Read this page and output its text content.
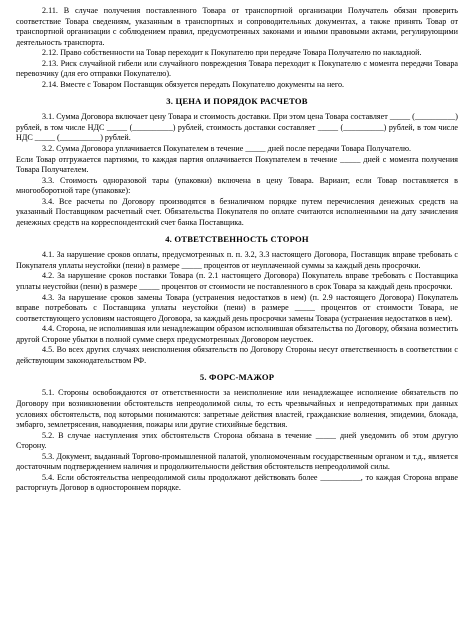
2.11. В случае получения поставленного Товара от транспортной организации Получатель обязан проверить соответствие Товара сведениям, указанным в транспортных и сопроводительных документах, а также принять Товар от транспортной организации с соблюдением правил, предусмотренных законами и иными правовыми актами, регулирующими деятельность транспорта.

2.12. Право собственности на Товар переходит к Покупателю при передаче Товара Получателю по накладной.

2.13. Риск случайной гибели или случайного повреждения Товара переходит к Покупателю с момента передачи Товара перевозчику (для его отправки Покупателю).

2.14. Вместе с Товаром Поставщик обязуется передать Покупателю документы на него.

3. ЦЕНА И ПОРЯДОК РАСЧЕТОВ

3.1. Сумма Договора включает цену Товара и стоимость доставки. При этом цена Товара составляет _____ (__________) рублей, в том числе НДС _____ (__________) рублей, стоимость доставки составляет _____ (__________) рублей, в том числе НДС _____ (__________) рублей.

3.2. Сумма Договора уплачивается Покупателем в течение _____ дней после передачи Товара Получателю.

Если Товар отгружается партиями, то каждая партия оплачивается Покупателем в течение _____ дней с момента получения Товара Получателем.

3.3. Стоимость одноразовой тары (упаковки) включена в цену Товара. Вариант, если Товар поставляется в многооборотной таре (упаковке):

3.4. Все расчеты по Договору производятся в безналичном порядке путем перечисления денежных средств на указанный Поставщиком расчетный счет. Обязательства Покупателя по оплате считаются исполненными на дату зачисления денежных средств на корреспондентский счет банка Поставщика.

4. ОТВЕТСТВЕННОСТЬ СТОРОН

4.1. За нарушение сроков оплаты, предусмотренных п. п. 3.2, 3.3 настоящего Договора, Поставщик вправе требовать с Покупателя уплаты неустойки (пени) в размере _____ процентов от неуплаченной суммы за каждый день просрочки.

4.2. За нарушение сроков поставки Товара (п. 2.1 настоящего Договора) Покупатель вправе требовать с Поставщика уплаты неустойки (пени) в размере _____ процентов от стоимости не поставленного в срок Товара за каждый день просрочки.

4.3. За нарушение сроков замены Товара (устранения недостатков в нем) (п. 2.9 настоящего Договора) Покупатель вправе потребовать с Поставщика уплаты неустойки (пени) в размере _____ процентов от стоимости Товара, не соответствующего условиям настоящего Договора, за каждый день просрочки замены Товара (устранения недостатков в нем).

4.4. Сторона, не исполнившая или ненадлежащим образом исполнившая обязательства по Договору, обязана возместить другой Стороне убытки в полной сумме сверх предусмотренных Договором неустоек.

4.5. Во всех других случаях неисполнения обязательств по Договору Стороны несут ответственность в соответствии с действующим законодательством РФ.

5. ФОРС-МАЖОР

5.1. Стороны освобождаются от ответственности за неисполнение или ненадлежащее исполнение обязательств по Договору при возникновении обстоятельств непреодолимой силы, то есть чрезвычайных и непредотвратимых при данных условиях обстоятельств, под которыми понимаются: запретные действия властей, гражданские волнения, эпидемии, блокада, эмбарго, землетрясения, наводнения, пожары или другие стихийные бедствия.

5.2. В случае наступления этих обстоятельств Сторона обязана в течение _____ дней уведомить об этом другую Сторону.

5.3. Документ, выданный Торгово-промышленной палатой, уполномоченным государственным органом и т.д., является достаточным подтверждением наличия и продолжительности действия обстоятельств непреодолимой силы.

5.4. Если обстоятельства непреодолимой силы продолжают действовать более __________, то каждая Сторона вправе расторгнуть Договор в одностороннем порядке.
